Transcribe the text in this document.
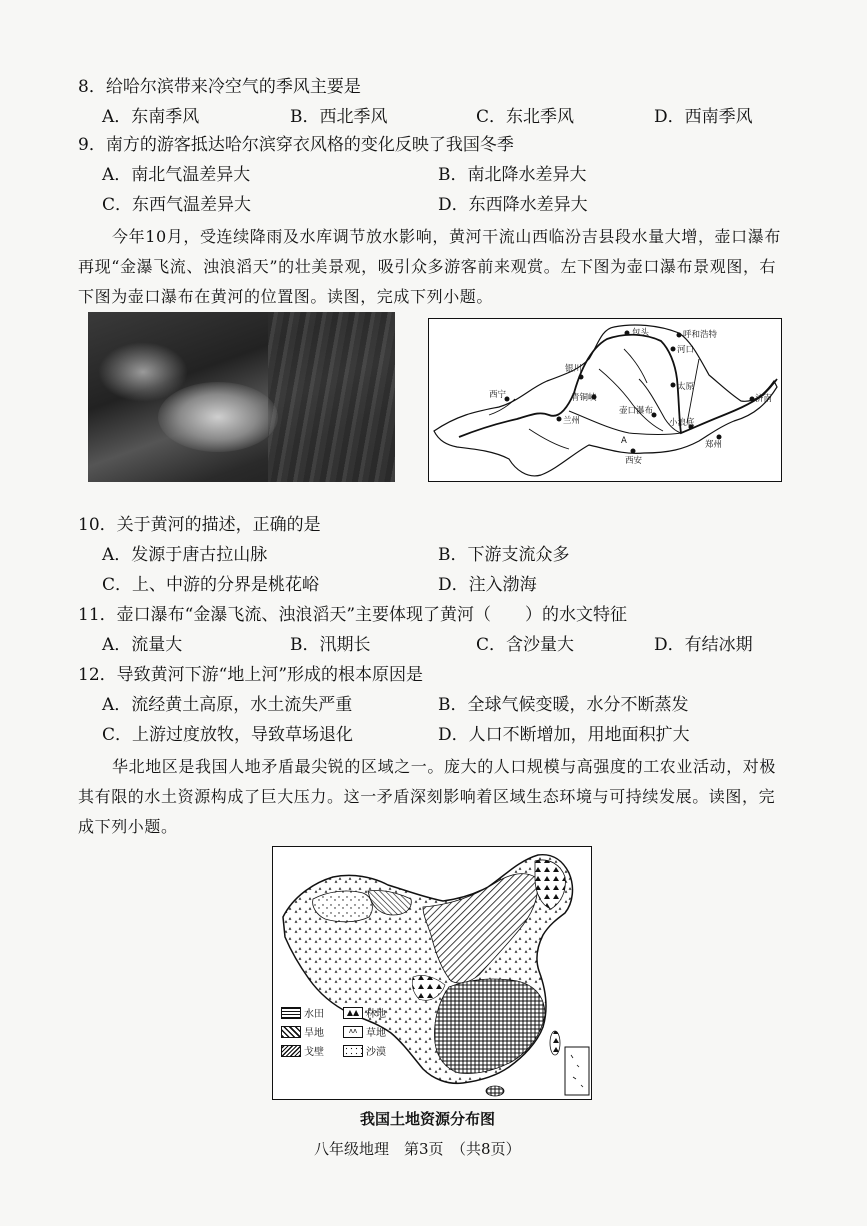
8．给哈尔滨带来冷空气的季风主要是
A．东南季风	B．西北季风	C．东北季风	D．西南季风
9．南方的游客抵达哈尔滨穿衣风格的变化反映了我国冬季
A．南北气温差异大	B．南北降水差异大
C．东西气温差异大	D．东西降水差异大
今年10月，受连续降雨及水库调节放水影响，黄河干流山西临汾吉县段水量大增，壶口瀑布再现“金瀑飞流、浊浪滔天”的壮美景观，吸引众多游客前来观赏。左下图为壶口瀑布景观图，右下图为壶口瀑布在黄河的位置图。读图，完成下列小题。
包头	呼和浩特
河口
银川
太原
青铜峡
西宁
兰州
壶口瀑布
小浪底
济南
郑州
西安
A
10．关于黄河的描述，正确的是
A．发源于唐古拉山脉	B．下游支流众多
C．上、中游的分界是桃花峪	D．注入渤海
11．壶口瀑布“金瀑飞流、浊浪滔天”主要体现了黄河（　　）的水文特征
A．流量大	B．汛期长	C．含沙量大	D．有结冰期
12．导致黄河下游“地上河”形成的根本原因是
A．流经黄土高原，水土流失严重	B．全球气候变暖，水分不断蒸发
C．上游过度放牧，导致草场退化	D．人口不断增加，用地面积扩大
华北地区是我国人地矛盾最尖锐的区域之一。庞大的人口规模与高强度的工农业活动，对极其有限的水土资源构成了巨大压力。这一矛盾深刻影响着区域生态环境与可持续发展。读图，完成下列小题。
水田	▲▲ 林地
旱地	ᴧᴧ 草地
戈壁	沙漠
我国土地资源分布图
八年级地理　第3页　（共8页）
